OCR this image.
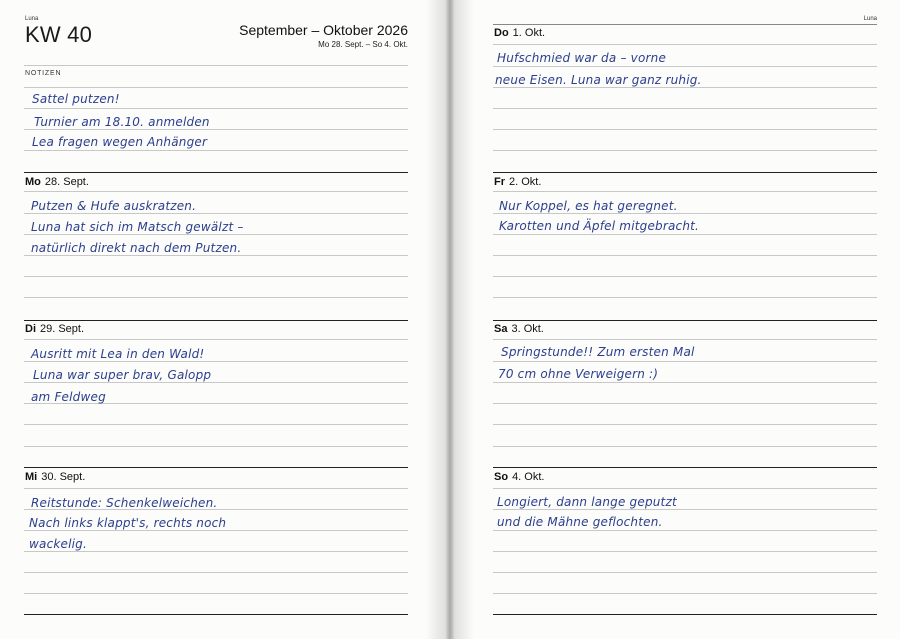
Luna
KW 40	September – Oktober 2026
Mo 28. Sept. – So 4. Okt.
NOTIZEN
Sattel putzen!
Turnier am 18.10. anmelden
Lea fragen wegen Anhänger
Mo 28. Sept.
Putzen & Hufe auskratzen.
Luna hat sich im Matsch gewälzt –
natürlich direkt nach dem Putzen.
Di 29. Sept.
Ausritt mit Lea in den Wald!
Luna war super brav, Galopp
am Feldweg
Mi 30. Sept.
Reitstunde: Schenkelweichen.
Nach links klappt's, rechts noch
wackelig.
Luna
Do 1. Okt.
Hufschmied war da – vorne
neue Eisen. Luna war ganz ruhig.
Fr 2. Okt.
Nur Koppel, es hat geregnet.
Karotten und Äpfel mitgebracht.
Sa 3. Okt.
Springstunde!! Zum ersten Mal
70 cm ohne Verweigern :)
So 4. Okt.
Longiert, dann lange geputzt
und die Mähne geflochten.
